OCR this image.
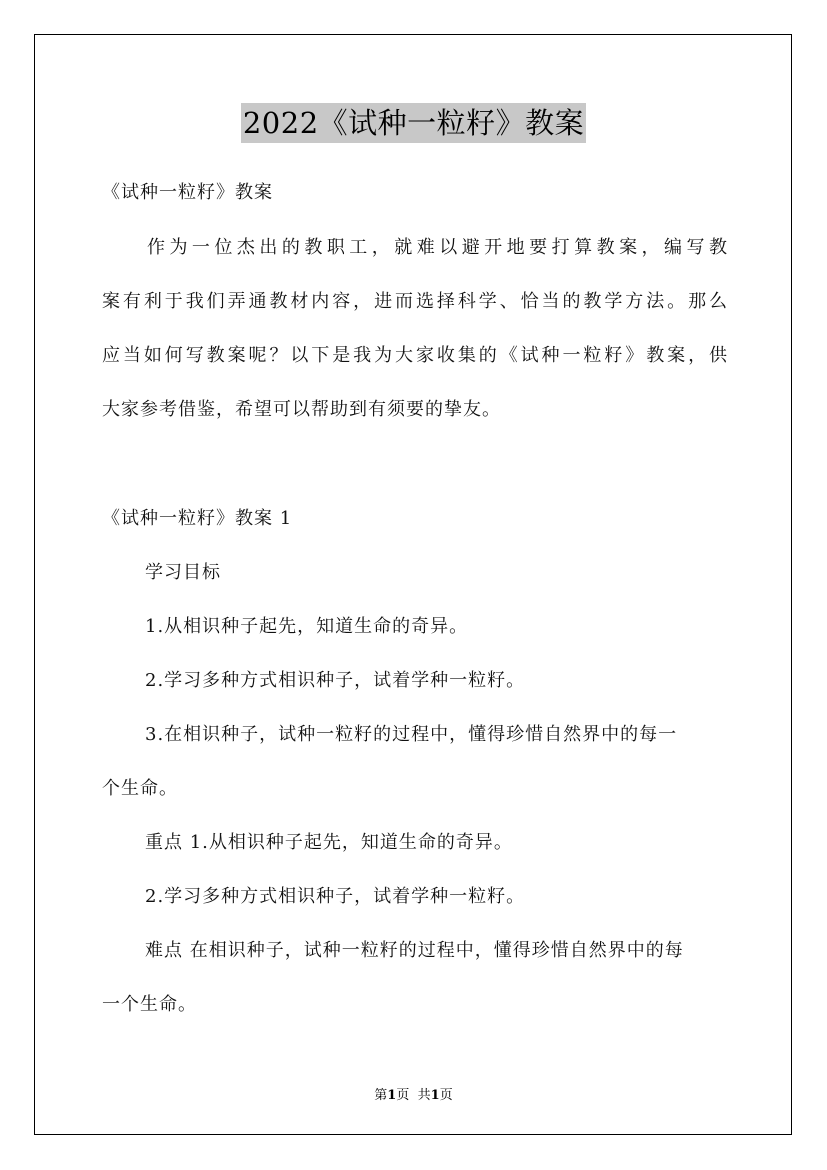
2022《试种一粒籽》教案
《试种一粒籽》教案
　　作为一位杰出的教职工，就难以避开地要打算教案，编写教
案有利于我们弄通教材内容，进而选择科学、恰当的教学方法。那么
应当如何写教案呢？以下是我为大家收集的《试种一粒籽》教案，供
大家参考借鉴，希望可以帮助到有须要的挚友。
《试种一粒籽》教案 1
学习目标
1.从相识种子起先，知道生命的奇异。
2.学习多种方式相识种子，试着学种一粒籽。
3.在相识种子，试种一粒籽的过程中，懂得珍惜自然界中的每一
个生命。
重点 1.从相识种子起先，知道生命的奇异。
2.学习多种方式相识种子，试着学种一粒籽。
难点 在相识种子，试种一粒籽的过程中，懂得珍惜自然界中的每
一个生命。
第1页 共1页
